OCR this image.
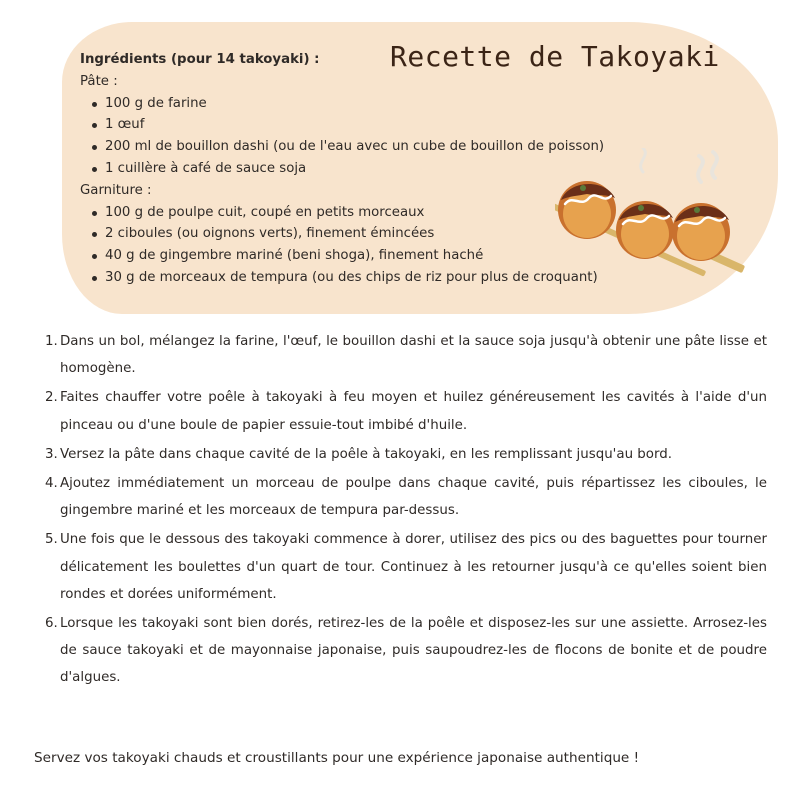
Recette de Takoyaki
Ingrédients (pour 14 takoyaki) :
Pâte :
100 g de farine
1 œuf
200 ml de bouillon dashi (ou de l'eau avec un cube de bouillon de poisson)
1 cuillère à café de sauce soja
Garniture :
100 g de poulpe cuit, coupé en petits morceaux
2 ciboules (ou oignons verts), finement émincées
40 g de gingembre mariné (beni shoga), finement haché
30 g de morceaux de tempura (ou des chips de riz pour plus de croquant)
1. Dans un bol, mélangez la farine, l'œuf, le bouillon dashi et la sauce soja jusqu'à obtenir une pâte lisse et homogène.
2. Faites chauffer votre poêle à takoyaki à feu moyen et huilez généreusement les cavités à l'aide d'un pinceau ou d'une boule de papier essuie-tout imbibé d'huile.
3. Versez la pâte dans chaque cavité de la poêle à takoyaki, en les remplissant jusqu'au bord.
4. Ajoutez immédiatement un morceau de poulpe dans chaque cavité, puis répartissez les ciboules, le gingembre mariné et les morceaux de tempura par-dessus.
5. Une fois que le dessous des takoyaki commence à dorer, utilisez des pics ou des baguettes pour tourner délicatement les boulettes d'un quart de tour. Continuez à les retourner jusqu'à ce qu'elles soient bien rondes et dorées uniformément.
6. Lorsque les takoyaki sont bien dorés, retirez-les de la poêle et disposez-les sur une assiette. Arrosez-les de sauce takoyaki et de mayonnaise japonaise, puis saupoudrez-les de flocons de bonite et de poudre d'algues.

Servez vos takoyaki chauds et croustillants pour une expérience japonaise authentique !
